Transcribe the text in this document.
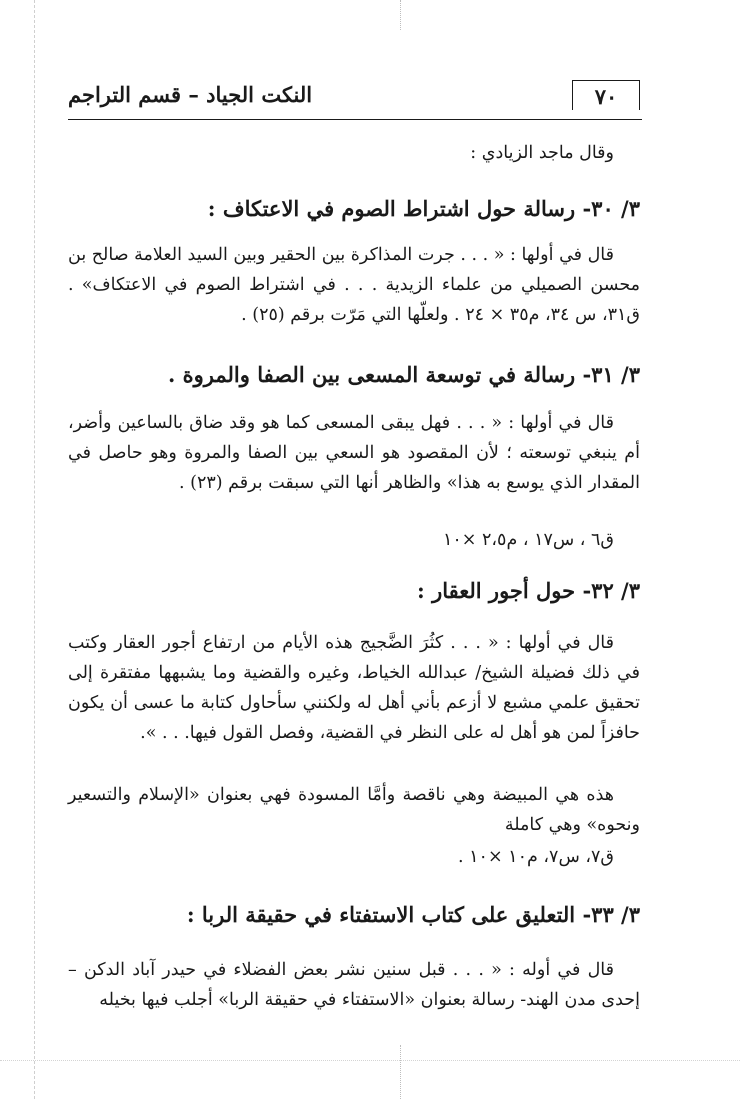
٧٠
النكت الجياد – قسم التراجم
وقال ماجد الزيادي :
٣/ ٣٠- رسالة حول اشتراط الصوم في الاعتكاف :

قال في أولها : « . . . جرت المذاكرة بين الحقير وبين السيد العلامة صالح بن محسن الصميلي من علماء الزيدية . . . في اشتراط الصوم في الاعتكاف» . ق٣١، س ٣٤، م٣٥ × ٢٤ . ولعلّها التي مَرّت برقم (٢٥) .

٣/ ٣١- رسالة في توسعة المسعى بين الصفا والمروة .

قال في أولها : « . . . فهل يبقى المسعى كما هو وقد ضاق بالساعين وأضر، أم ينبغي توسعته ؛ لأن المقصود هو السعي بين الصفا والمروة وهو حاصل في المقدار الذي يوسع به هذا» والظاهر أنها التي سبقت برقم (٢٣) .

ق٦ ، س١٧ ، م٢،٥ ×١٠
٣/ ٣٢- حول أجور العقار :

قال في أولها : « . . . كثُرَ الضَّجيج هذه الأيام من ارتفاع أجور العقار وكتب في ذلك فضيلة الشيخ/ عبدالله الخياط، وغيره والقضية وما يشبهها مفتقرة إلى تحقيق علمي مشبع لا أزعم بأني أهل له ولكنني سأحاول كتابة ما عسى أن يكون حافزاً لمن هو أهل له على النظر في القضية، وفصل القول فيها. . . ».

هذه هي المبيضة وهي ناقصة وأمَّا المسودة فهي بعنوان «الإسلام والتسعير ونحوه» وهي كاملة

ق٧، س٧، م١٠ ×١٠ .
٣/ ٣٣- التعليق على كتاب الاستفتاء في حقيقة الربا :

قال في أوله : « . . . قبل سنين نشر بعض الفضلاء في حيدر آباد الدكن – إحدى مدن الهند- رسالة بعنوان «الاستفتاء في حقيقة الربا» أجلب فيها بخيله
